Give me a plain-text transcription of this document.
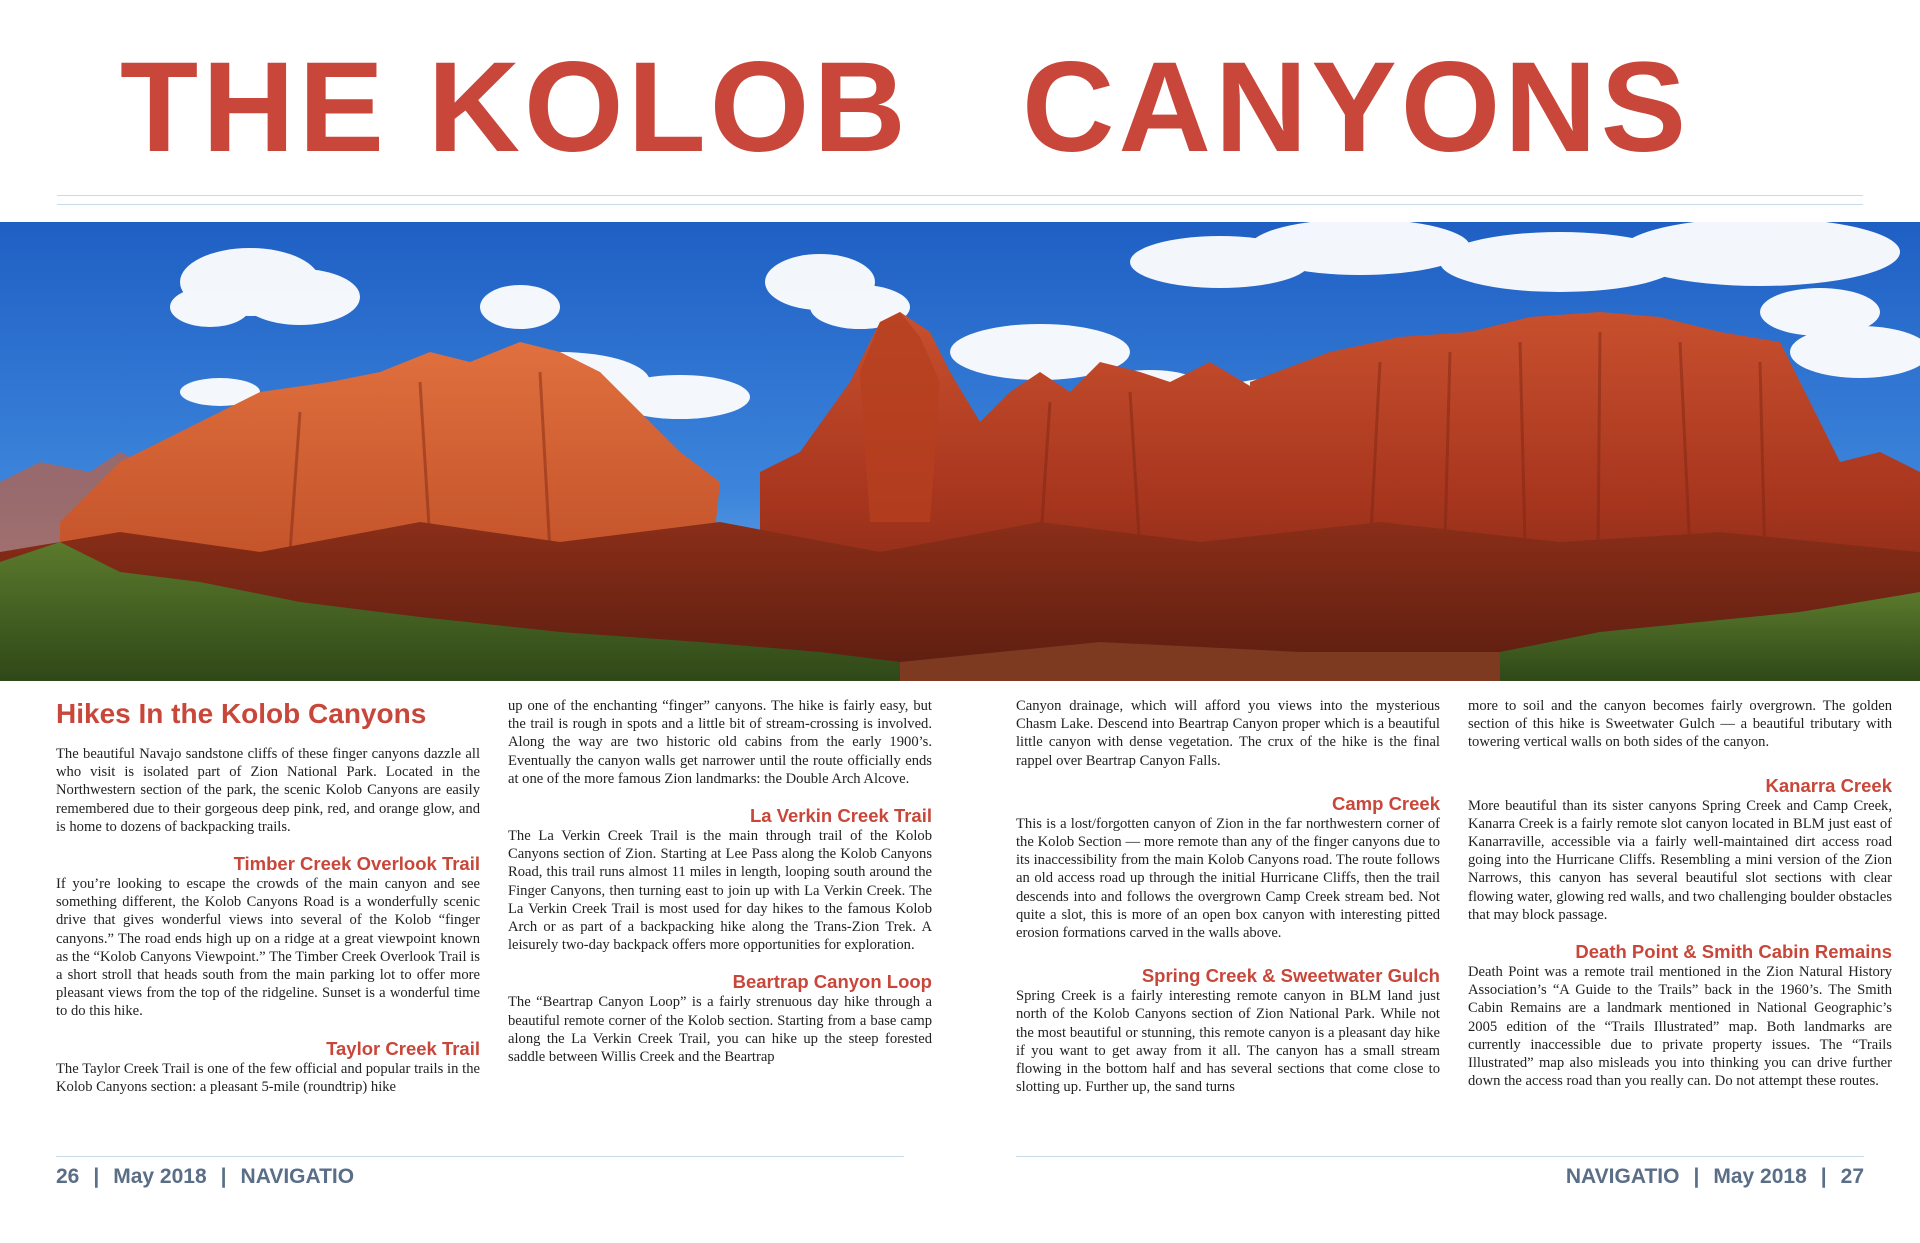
THE KOLOB CANYONS
Hikes In the Kolob Canyons

The beautiful Navajo sandstone cliffs of these finger canyons dazzle all who visit is isolated part of Zion National Park. Located in the Northwestern section of the park, the scenic Kolob Canyons are easily remembered due to their gorgeous deep pink, red, and orange glow, and is home to dozens of backpacking trails.

Timber Creek Overlook Trail

If you’re looking to escape the crowds of the main canyon and see something different, the Kolob Canyons Road is a wonderfully scenic drive that gives wonderful views into several of the Kolob “finger canyons.” The road ends high up on a ridge at a great viewpoint known as the “Kolob Canyons Viewpoint.” The Timber Creek Overlook Trail is a short stroll that heads south from the main parking lot to offer more pleasant views from the top of the ridgeline. Sunset is a wonderful time to do this hike.

Taylor Creek Trail

The Taylor Creek Trail is one of the few official and popular trails in the Kolob Canyons section: a pleasant 5-mile (roundtrip) hike

up one of the enchanting “finger” canyons. The hike is fairly easy, but the trail is rough in spots and a little bit of stream-crossing is involved. Along the way are two historic old cabins from the early 1900’s. Eventually the canyon walls get narrower until the route officially ends at one of the more famous Zion landmarks: the Double Arch Alcove.

La Verkin Creek Trail

The La Verkin Creek Trail is the main through trail of the Kolob Canyons section of Zion. Starting at Lee Pass along the Kolob Canyons Road, this trail runs almost 11 miles in length, looping south around the Finger Canyons, then turning east to join up with La Verkin Creek. The La Verkin Creek Trail is most used for day hikes to the famous Kolob Arch or as part of a backpacking hike along the Trans-Zion Trek. A leisurely two-day backpack offers more opportunities for exploration.

Beartrap Canyon Loop

The “Beartrap Canyon Loop” is a fairly strenuous day hike through a beautiful remote corner of the Kolob section. Starting from a base camp along the La Verkin Creek Trail, you can hike up the steep forested saddle between Willis Creek and the Beartrap

Canyon drainage, which will afford you views into the mysterious Chasm Lake. Descend into Beartrap Canyon proper which is a beautiful little canyon with dense vegetation. The crux of the hike is the final rappel over Beartrap Canyon Falls.

Camp Creek

This is a lost/forgotten canyon of Zion in the far northwestern corner of the Kolob Section — more remote than any of the finger canyons due to its inaccessibility from the main Kolob Canyons road. The route follows an old access road up through the initial Hurricane Cliffs, then the trail descends into and follows the overgrown Camp Creek stream bed. Not quite a slot, this is more of an open box canyon with interesting pitted erosion formations carved in the walls above.

Spring Creek & Sweetwater Gulch

Spring Creek is a fairly interesting remote canyon in BLM land just north of the Kolob Canyons section of Zion National Park. While not the most beautiful or stunning, this remote canyon is a pleasant day hike if you want to get away from it all. The canyon has a small stream flowing in the bottom half and has several sections that come close to slotting up. Further up, the sand turns

more to soil and the canyon becomes fairly overgrown. The golden section of this hike is Sweetwater Gulch — a beautiful tributary with towering vertical walls on both sides of the canyon.

Kanarra Creek

More beautiful than its sister canyons Spring Creek and Camp Creek, Kanarra Creek is a fairly remote slot canyon located in BLM just east of Kanarraville, accessible via a fairly well-maintained dirt access road going into the Hurricane Cliffs. Resembling a mini version of the Zion Narrows, this canyon has several beautiful slot sections with clear flowing water, glowing red walls, and two challenging boulder obstacles that may block passage.

Death Point & Smith Cabin Remains

Death Point was a remote trail mentioned in the Zion Natural History Association’s “A Guide to the Trails” back in the 1960’s. The Smith Cabin Remains are a landmark mentioned in National Geographic’s 2005 edition of the “Trails Illustrated” map. Both landmarks are currently inaccessible due to private property issues. The “Trails Illustrated” map also misleads you into thinking you can drive further down the access road than you really can. Do not attempt these routes.

26 | May 2018 | NAVIGATIO	NAVIGATIO | May 2018 | 27
